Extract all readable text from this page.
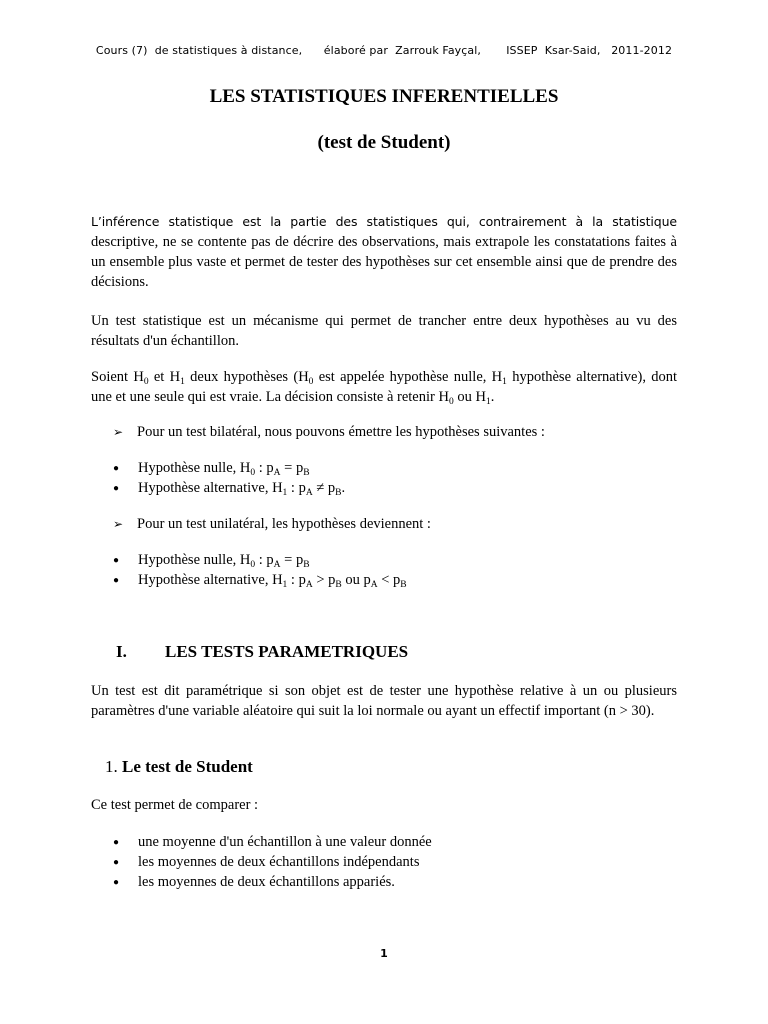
Cours (7)  de statistiques à distance,      élaboré par  Zarrouk Fayçal,       ISSEP  Ksar-Said,   2011-2012
LES STATISTIQUES INFERENTIELLES
(test de Student)
L’inférence statistique est la partie des statistiques qui, contrairement à la statistique descriptive, ne se contente pas de décrire des observations, mais extrapole les constatations faites à un ensemble plus vaste et permet de tester des hypothèses sur cet ensemble ainsi que de prendre des décisions.
Un test statistique est un mécanisme qui permet de trancher entre deux hypothèses au vu des résultats d'un échantillon.
Soient $H_0$ et $H_1$ deux hypothèses ($H_0$ est appelée hypothèse nulle, $H_1$ hypothèse alternative), dont une et une seule qui est vraie. La décision consiste à retenir $H_0$ ou $H_1$.
➢ Pour un test bilatéral, nous pouvons émettre les hypothèses suivantes :
● Hypothèse nulle, $H_0$ : $p_A = p_B$
● Hypothèse alternative, $H_1$ : $p_A \ne p_B$.
➢ Pour un test unilatéral, les hypothèses deviennent :
● Hypothèse nulle, $H_0$ : $p_A = p_B$
● Hypothèse alternative, $H_1$ : $p_A > p_B$ ou $p_A < p_B$
I. LES TESTS PARAMETRIQUES
Un test est dit paramétrique si son objet est de tester une hypothèse relative à un ou plusieurs paramètres d'une variable aléatoire qui suit la loi normale ou ayant un effectif important (n > 30).
1. Le test de Student
Ce test permet de comparer :
● une moyenne d'un échantillon à une valeur donnée
● les moyennes de deux échantillons indépendants
● les moyennes de deux échantillons appariés.
1
